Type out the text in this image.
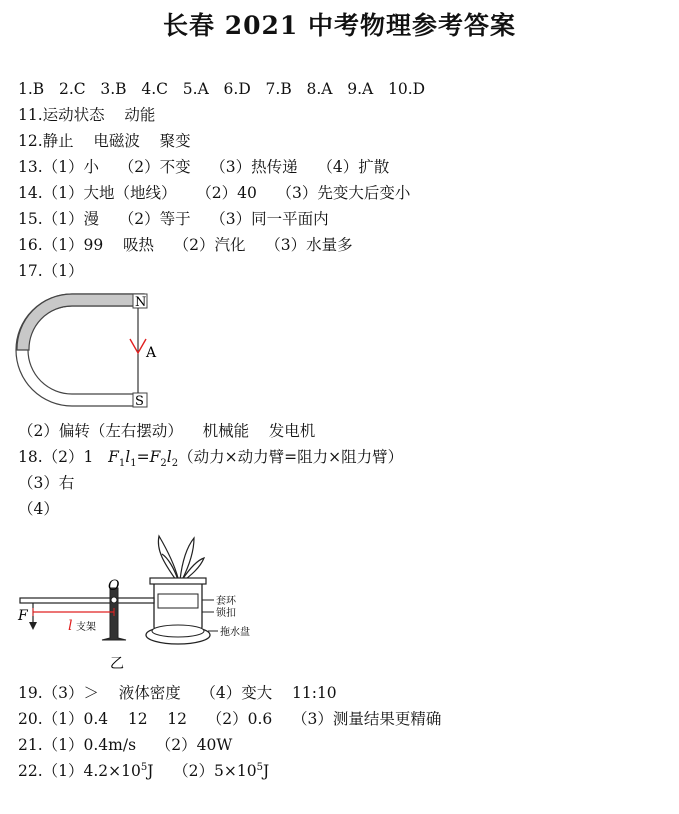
长春 2021 中考物理参考答案
1.B   2.C   3.B   4.C   5.A   6.D   7.B   8.A   9.A   10.D
11.运动状态    动能
12.静止    电磁波    聚变
13.（1）小    （2）不变    （3）热传递    （4）扩散
14.（1）大地（地线）    （2）40    （3）先变大后变小
15.（1）漫    （2）等于    （3）同一平面内
16.（1）99    吸热    （2）汽化    （3）水量多
17.（1）
N
S
A
（2）偏转（左右摆动）    机械能    发电机
18.（2）1   $F_1l_1=F_2l_2$（动力×动力臂=阻力×阻力臂）
（3）右
（4）
O
F
l 支架
套环
锁扣
拖水盘
乙
19.（3）＞    液体密度    （4）变大    11:10
20.（1）0.4    12    12    （2）0.6    （3）测量结果更精确
21.（1）0.4m/s    （2）40W
$22.(1)4.2\times 10^5J$    $(2)5\times 10^5J$
